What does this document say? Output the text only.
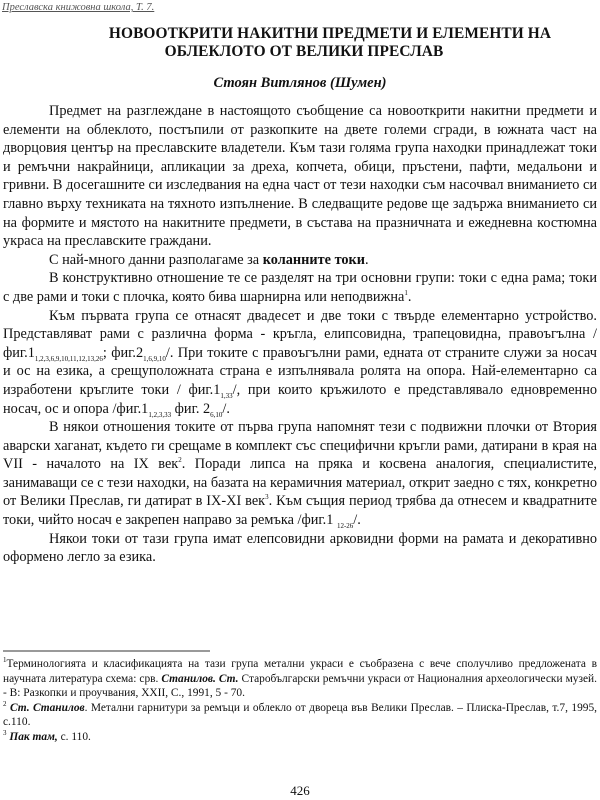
Преславска книжовна школа, Т. 7.
НОВООТКРИТИ НАКИТНИ ПРЕДМЕТИ И ЕЛЕМЕНТИ НА
ОБЛЕКЛОТО ОТ ВЕЛИКИ ПРЕСЛАВ
Стоян Витлянов (Шумен)

Предмет на разглеждане в настоящото съобщение са новооткрити накитни предмети и елементи на облеклото, постъпили от разкопките на двете големи сгради, в южната част на дворцовия център на преславските владетели. Към тази голяма група находки принадлежат токи и ремъчни накрайници, апликации за дреха, копчета, обици, пръстени, пафти, медальони и гривни. В досегашните си изследвания на една част от тези находки съм насочвал вниманието си главно върху техниката на тяхното изпълнение. В следващите редове ще задържа вниманието си на формите и мястото на накитните предмети, в състава на празничната и ежедневна костюмна украса на преславските граждани.

С най-много данни разполагаме за коланните токи.

В конструктивно отношение те се разделят на три основни групи: токи с една рама; токи с две рами и токи с плочка, която бива шарнирна или неподвижна$^1$.

Към първата група се отнасят двадесет и две токи с твърде елементарно устройство. Представляват рами с различна форма - кръгла, елипсовидна, трапецовидна, правоъгълна $/фиг.1_{1,2,3,6,9,10,11,12,13,26}$; $фиг.2_{1,6,9,10}/$. При токите с правоъгълни рами, едната от страните служи за носач и ос на езика, а срещуположната страна е изпълнявала ролята на опора. Най-елементарно са изработени кръглите токи / $фиг.1_{1,33}/$, при които кръжилото е представлявало едновременно носач, ос и опора $/фиг.1_{1,2,3,33}$ фиг. $2_{6,10}/$.

В някои отношения токите от първа група напомнят тези с подвижни плочки от Втория аварски хаганат, където ги срещаме в комплект със специфични кръгли рами, датирани в края на VII - началото на IX век$^2$. Поради липса на пряка и косвена аналогия, специалистите, занимаващи се с тези находки, на базата на керамичния материал, открит заедно с тях, конкретно от Велики Преслав, ги датират в IX-XI век$^3$. Към същия период трябва да отнесем и квадратните токи, чийто носач е закрепен направо за ремъка /фиг.1 $_{12-26}$/.

Някои токи от тази група имат елепсовидни арковидни форми на рамата и декоративно оформено легло за езика.

$^1$Терминологията и класификацията на тази група метални украси е съобразена с вече сполучливо предложената в научната литература схема: срв. Станилов. Ст. Старобългарски ремъчни украси от Националния археологически музей. - В: Разкопки и проучвания, XXII, С., 1991, 5 - 70.

$^2$ Ст. Станилов. Метални гарнитури за ремъци и облекло от двореца във Велики Преслав. – Плиска-Преслав, т.7, 1995, с.110.

$^3$ Пак там, с. 110.

426
